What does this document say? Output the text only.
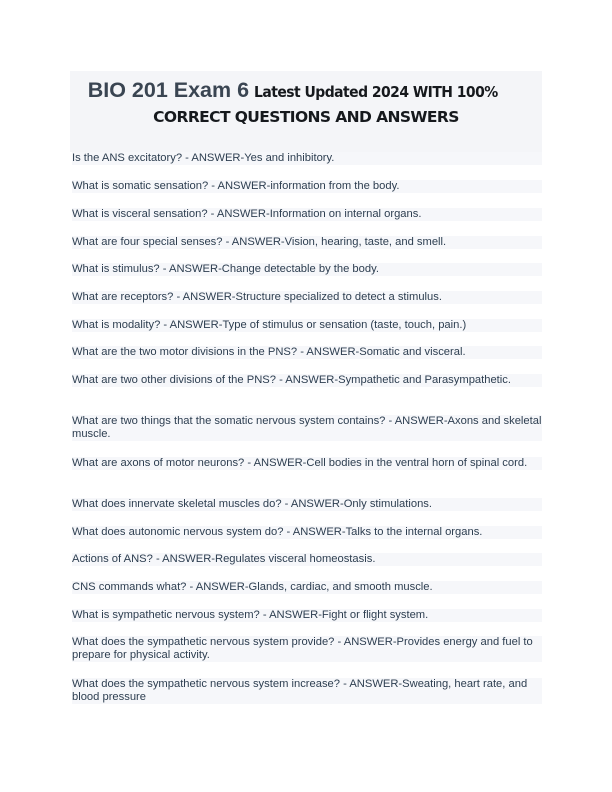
BIO 201 Exam 6 Latest Updated 2024 WITH 100%
CORRECT QUESTIONS AND ANSWERS

Is the ANS excitatory? - ANSWER-Yes and inhibitory.

What is somatic sensation? - ANSWER-information from the body.

What is visceral sensation? - ANSWER-Information on internal organs.

What are four special senses? - ANSWER-Vision, hearing, taste, and smell.

What is stimulus? - ANSWER-Change detectable by the body.

What are receptors? - ANSWER-Structure specialized to detect a stimulus.

What is modality? - ANSWER-Type of stimulus or sensation (taste, touch, pain.)

What are the two motor divisions in the PNS? - ANSWER-Somatic and visceral.

What are two other divisions of the PNS? - ANSWER-Sympathetic and Parasympathetic.

What are two things that the somatic nervous system contains? - ANSWER-Axons and skeletal muscle.

What are axons of motor neurons? - ANSWER-Cell bodies in the ventral horn of spinal cord.

What does innervate skeletal muscles do? - ANSWER-Only stimulations.

What does autonomic nervous system do? - ANSWER-Talks to the internal organs.

Actions of ANS? - ANSWER-Regulates visceral homeostasis.

CNS commands what? - ANSWER-Glands, cardiac, and smooth muscle.

What is sympathetic nervous system? - ANSWER-Fight or flight system.

What does the sympathetic nervous system provide? - ANSWER-Provides energy and fuel to prepare for physical activity.

What does the sympathetic nervous system increase? - ANSWER-Sweating, heart rate, and blood pressure
